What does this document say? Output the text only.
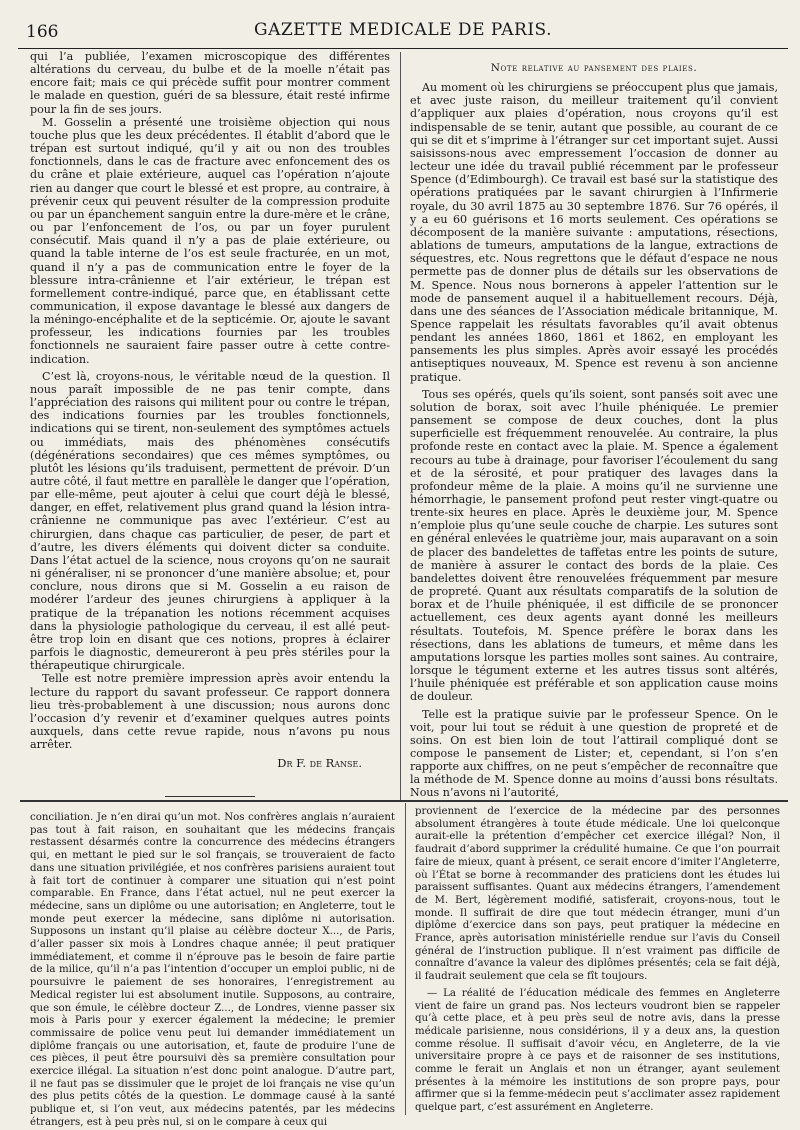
166	GAZETTE MEDICALE DE PARIS.

qui l’a publiée, l’examen microscopique des différentes altérations du cerveau, du bulbe et de la moelle n’était pas encore fait; mais ce qui précède suffit pour montrer comment le malade en question, guéri de sa blessure, était resté infirme pour la fin de ses jours.

M. Gosselin a présenté une troisième objection qui nous touche plus que les deux précédentes. Il établit d’abord que le trépan est surtout indiqué, qu’il y ait ou non des troubles fonctionnels, dans le cas de fracture avec enfoncement des os du crâne et plaie extérieure, auquel cas l’opération n’ajoute rien au danger que court le blessé et est propre, au contraire, à prévenir ceux qui peuvent résulter de la compression produite ou par un épanchement sanguin entre la dure-mère et le crâne, ou par l’enfoncement de l’os, ou par un foyer purulent consécutif. Mais quand il n’y a pas de plaie extérieure, ou quand la table interne de l’os est seule fracturée, en un mot, quand il n’y a pas de communication entre le foyer de la blessure intra-crânienne et l’air extérieur, le trépan est formellement contre-indiqué, parce que, en établissant cette communication, il expose davantage le blessé aux dangers de la méningo-encéphalite et de la septicémie. Or, ajoute le savant professeur, les indications fournies par les troubles fonctionnels ne sauraient faire passer outre à cette contre-indication.

C’est là, croyons-nous, le véritable nœud de la question. Il nous paraît impossible de ne pas tenir compte, dans l’appréciation des raisons qui militent pour ou contre le trépan, des indications fournies par les troubles fonctionnels, indications qui se tirent, non-seulement des symptômes actuels ou immédiats, mais des phénomènes consécutifs (dégénérations secondaires) que ces mêmes symptômes, ou plutôt les lésions qu’ils traduisent, permettent de prévoir. D’un autre côté, il faut mettre en parallèle le danger que l’opération, par elle-même, peut ajouter à celui que court déjà le blessé, danger, en effet, relativement plus grand quand la lésion intra-crânienne ne communique pas avec l’extérieur. C’est au chirurgien, dans chaque cas particulier, de peser, de part et d’autre, les divers éléments qui doivent dicter sa conduite. Dans l’état actuel de la science, nous croyons qu’on ne saurait ni généraliser, ni se prononcer d’une manière absolue; et, pour conclure, nous dirons que si M. Gosselin a eu raison de modérer l’ardeur des jeunes chirurgiens à appliquer à la pratique de la trépanation les notions récemment acquises dans la physiologie pathologique du cerveau, il est allé peut-être trop loin en disant que ces notions, propres à éclairer parfois le diagnostic, demeureront à peu près stériles pour la thérapeutique chirurgicale.

Telle est notre première impression après avoir entendu la lecture du rapport du savant professeur. Ce rapport donnera lieu très-probablement à une discussion; nous aurons donc l’occasion d’y revenir et d’examiner quelques autres points auxquels, dans cette revue rapide, nous n’avons pu nous arrêter.

Dr F. de Ranse.
Note relative au pansement des plaies.

Au moment où les chirurgiens se préoccupent plus que jamais, et avec juste raison, du meilleur traitement qu’il convient d’appliquer aux plaies d’opération, nous croyons qu’il est indispensable de se tenir, autant que possible, au courant de ce qui se dit et s’imprime à l’étranger sur cet important sujet. Aussi saisissons-nous avec empressement l’occasion de donner au lecteur une idée du travail publié récemment par le professeur Spence (d’Edimbourgh). Ce travail est basé sur la statistique des opérations pratiquées par le savant chirurgien à l’Infirmerie royale, du 30 avril 1875 au 30 septembre 1876. Sur 76 opérés, il y a eu 60 guérisons et 16 morts seulement. Ces opérations se décomposent de la manière suivante : amputations, résections, ablations de tumeurs, amputations de la langue, extractions de séquestres, etc. Nous regrettons que le défaut d’espace ne nous permette pas de donner plus de détails sur les observations de M. Spence. Nous nous bornerons à appeler l’attention sur le mode de pansement auquel il a habituellement recours. Déjà, dans une des séances de l’Association médicale britannique, M. Spence rappelait les résultats favorables qu’il avait obtenus pendant les années 1860, 1861 et 1862, en employant les pansements les plus simples. Après avoir essayé les procédés antiseptiques nouveaux, M. Spence est revenu à son ancienne pratique.

Tous ses opérés, quels qu’ils soient, sont pansés soit avec une solution de borax, soit avec l’huile phéniquée. Le premier pansement se compose de deux couches, dont la plus superficielle est fréquemment renouvelée. Au contraire, la plus profonde reste en contact avec la plaie. M. Spence a également recours au tube à drainage, pour favoriser l’écoulement du sang et de la sérosité, et pour pratiquer des lavages dans la profondeur même de la plaie. A moins qu’il ne survienne une hémorrhagie, le pansement profond peut rester vingt-quatre ou trente-six heures en place. Après le deuxième jour, M. Spence n’emploie plus qu’une seule couche de charpie. Les sutures sont en général enlevées le quatrième jour, mais auparavant on a soin de placer des bandelettes de taffetas entre les points de suture, de manière à assurer le contact des bords de la plaie. Ces bandelettes doivent être renouvelées fréquemment par mesure de propreté. Quant aux résultats comparatifs de la solution de borax et de l’huile phéniquée, il est difficile de se prononcer actuellement, ces deux agents ayant donné les meilleurs résultats. Toutefois, M. Spence préfère le borax dans les résections, dans les ablations de tumeurs, et même dans les amputations lorsque les parties molles sont saines. Au contraire, lorsque le tégument externe et les autres tissus sont altérés, l’huile phéniquée est préférable et son application cause moins de douleur.

Telle est la pratique suivie par le professeur Spence. On le voit, pour lui tout se réduit à une question de propreté et de soins. On est bien loin de tout l’attirail compliqué dont se compose le pansement de Lister; et, cependant, si l’on s’en rapporte aux chiffres, on ne peut s’empêcher de reconnaître que la méthode de M. Spence donne au moins d’aussi bons résultats. Nous n’avons ni l’autorité,

conciliation. Je n’en dirai qu’un mot. Nos confrères anglais n’auraient pas tout à fait raison, en souhaitant que les médecins français restassent désarmés contre la concurrence des médecins étrangers qui, en mettant le pied sur le sol français, se trouveraient de facto dans une situation privilégiée, et nos confrères parisiens auraient tout à fait tort de continuer à comparer une situation qui n’est point comparable. En France, dans l’état actuel, nul ne peut exercer la médecine, sans un diplôme ou une autorisation; en Angleterre, tout le monde peut exercer la médecine, sans diplôme ni autorisation. Supposons un instant qu’il plaise au célèbre docteur X..., de Paris, d’aller passer six mois à Londres chaque année; il peut pratiquer immédiatement, et comme il n’éprouve pas le besoin de faire partie de la milice, qu’il n’a pas l’intention d’occuper un emploi public, ni de poursuivre le paiement de ses honoraires, l’enregistrement au Medical register lui est absolument inutile. Supposons, au contraire, que son émule, le célèbre docteur Z..., de Londres, vienne passer six mois à Paris pour y exercer également la médecine; le premier commissaire de police venu peut lui demander immédiatement un diplôme français ou une autorisation, et, faute de produire l’une de ces pièces, il peut être poursuivi dès sa première consultation pour exercice illégal. La situation n’est donc point analogue. D’autre part, il ne faut pas se dissimuler que le projet de loi français ne vise qu’un des plus petits côtés de la question. Le dommage causé à la santé publique et, si l’on veut, aux médecins patentés, par les médecins étrangers, est à peu près nul, si on le compare à ceux qui

proviennent de l’exercice de la médecine par des personnes absolument étrangères à toute étude médicale. Une loi quelconque aurait-elle la prétention d’empêcher cet exercice illégal? Non, il faudrait d’abord supprimer la crédulité humaine. Ce que l’on pourrait faire de mieux, quant à présent, ce serait encore d’imiter l’Angleterre, où l’État se borne à recommander des praticiens dont les études lui paraissent suffisantes. Quant aux médecins étrangers, l’amendement de M. Bert, légèrement modifié, satisferait, croyons-nous, tout le monde. Il suffirait de dire que tout médecin étranger, muni d’un diplôme d’exercice dans son pays, peut pratiquer la médecine en France, après autorisation ministérielle rendue sur l’avis du Conseil général de l’instruction publique. Il n’est vraiment pas difficile de connaître d’avance la valeur des diplômes présentés; cela se fait déjà, il faudrait seulement que cela se fît toujours.

— La réalité de l’éducation médicale des femmes en Angleterre vient de faire un grand pas. Nos lecteurs voudront bien se rappeler qu’à cette place, et à peu près seul de notre avis, dans la presse médicale parisienne, nous considérions, il y a deux ans, la question comme résolue. Il suffisait d’avoir vécu, en Angleterre, de la vie universitaire propre à ce pays et de raisonner de ses institutions, comme le ferait un Anglais et non un étranger, ayant seulement présentes à la mémoire les institutions de son propre pays, pour affirmer que si la femme-médecin peut s’acclimater assez rapidement quelque part, c’est assurément en Angleterre.
